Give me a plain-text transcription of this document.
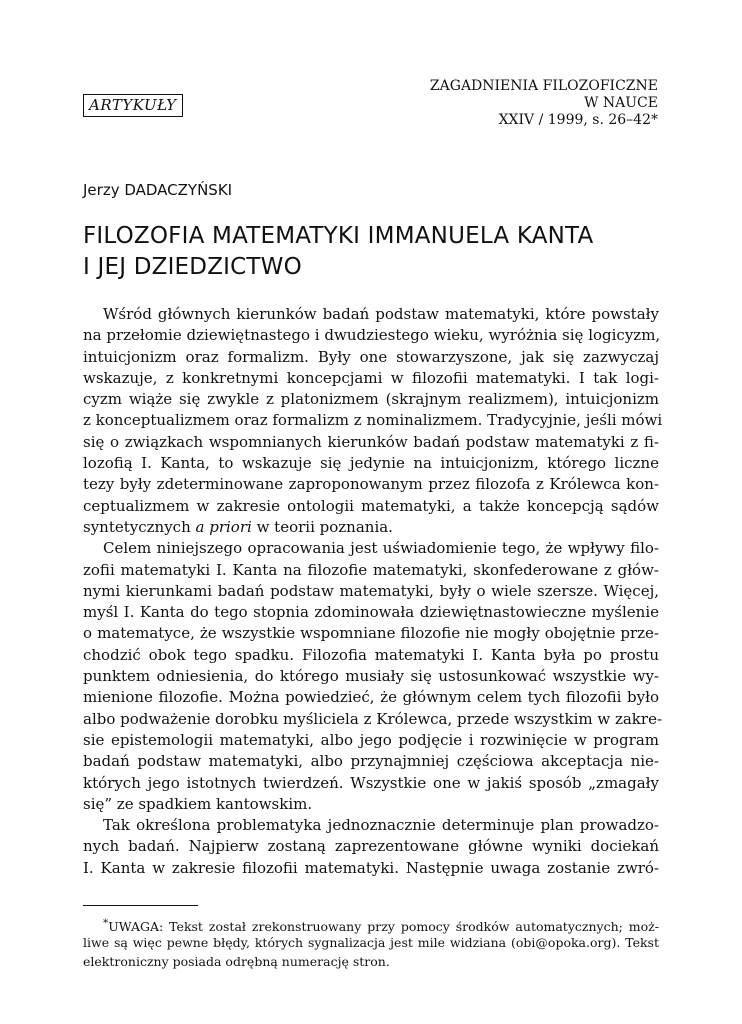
ARTYKUŁY
ZAGADNIENIA FILOZOFICZNE
W NAUCE
XXIV / 1999, s. 26–42*
Jerzy DADACZYŃSKI
FILOZOFIA MATEMATYKI IMMANUELA KANTA
I JEJ DZIEDZICTWO
Wśród głównych kierunków badań podstaw matematyki, które powstały
na przełomie dziewiętnastego i dwudziestego wieku, wyróżnia się logicyzm,
intuicjonizm oraz formalizm. Były one stowarzyszone, jak się zazwyczaj
wskazuje, z konkretnymi koncepcjami w filozofii matematyki. I tak logi-
cyzm wiąże się zwykle z platonizmem (skrajnym realizmem), intuicjonizm
z konceptualizmem oraz formalizm z nominalizmem. Tradycyjnie, jeśli mówi
się o związkach wspomnianych kierunków badań podstaw matematyki z fi-
lozofią I. Kanta, to wskazuje się jedynie na intuicjonizm, którego liczne
tezy były zdeterminowane zaproponowanym przez filozofa z Królewca kon-
ceptualizmem w zakresie ontologii matematyki, a także koncepcją sądów
syntetycznych a priori w teorii poznania.
Celem niniejszego opracowania jest uświadomienie tego, że wpływy filo-
zofii matematyki I. Kanta na filozofie matematyki, skonfederowane z głów-
nymi kierunkami badań podstaw matematyki, były o wiele szersze. Więcej,
myśl I. Kanta do tego stopnia zdominowała dziewiętnastowieczne myślenie
o matematyce, że wszystkie wspomniane filozofie nie mogły obojętnie prze-
chodzić obok tego spadku. Filozofia matematyki I. Kanta była po prostu
punktem odniesienia, do którego musiały się ustosunkować wszystkie wy-
mienione filozofie. Można powiedzieć, że głównym celem tych filozofii było
albo podważenie dorobku myśliciela z Królewca, przede wszystkim w zakre-
sie epistemologii matematyki, albo jego podjęcie i rozwinięcie w program
badań podstaw matematyki, albo przynajmniej częściowa akceptacja nie-
których jego istotnych twierdzeń. Wszystkie one w jakiś sposób „zmagały
się” ze spadkiem kantowskim.
Tak określona problematyka jednoznacznie determinuje plan prowadzo-
nych badań. Najpierw zostaną zaprezentowane główne wyniki dociekań
I. Kanta w zakresie filozofii matematyki. Następnie uwaga zostanie zwró-
*UWAGA: Tekst został zrekonstruowany przy pomocy środków automatycznych; moż-
liwe są więc pewne błędy, których sygnalizacja jest mile widziana (obi@opoka.org). Tekst
elektroniczny posiada odrębną numerację stron.
